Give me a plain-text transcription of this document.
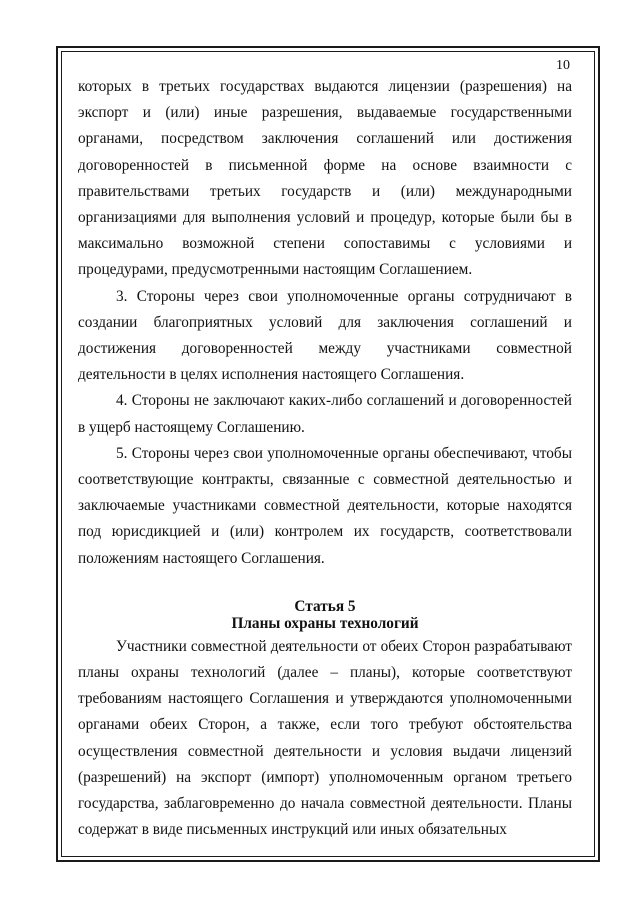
10

которых в третьих государствах выдаются лицензии (разрешения) на экспорт и (или) иные разрешения, выдаваемые государственными органами, посредством заключения соглашений или достижения договоренностей в письменной форме на основе взаимности с правительствами третьих государств и (или) международными организациями для выполнения условий и процедур, которые были бы в максимально возможной степени сопоставимы с условиями и процедурами, предусмотренными настоящим Соглашением.

3. Стороны через свои уполномоченные органы сотрудничают в создании благоприятных условий для заключения соглашений и достижения договоренностей между участниками совместной деятельности в целях исполнения настоящего Соглашения.

4. Стороны не заключают каких-либо соглашений и договоренностей в ущерб настоящему Соглашению.

5. Стороны через свои уполномоченные органы обеспечивают, чтобы соответствующие контракты, связанные с совместной деятельностью и заключаемые участниками совместной деятельности, которые находятся под юрисдикцией и (или) контролем их государств, соответствовали положениям настоящего Соглашения.

Статья 5
Планы охраны технологий

Участники совместной деятельности от обеих Сторон разрабатывают планы охраны технологий (далее – планы), которые соответствуют требованиям настоящего Соглашения и утверждаются уполномоченными органами обеих Сторон, а также, если того требуют обстоятельства осуществления совместной деятельности и условия выдачи лицензий (разрешений) на экспорт (импорт) уполномоченным органом третьего государства, заблаговременно до начала совместной деятельности. Планы содержат в виде письменных инструкций или иных обязательных
